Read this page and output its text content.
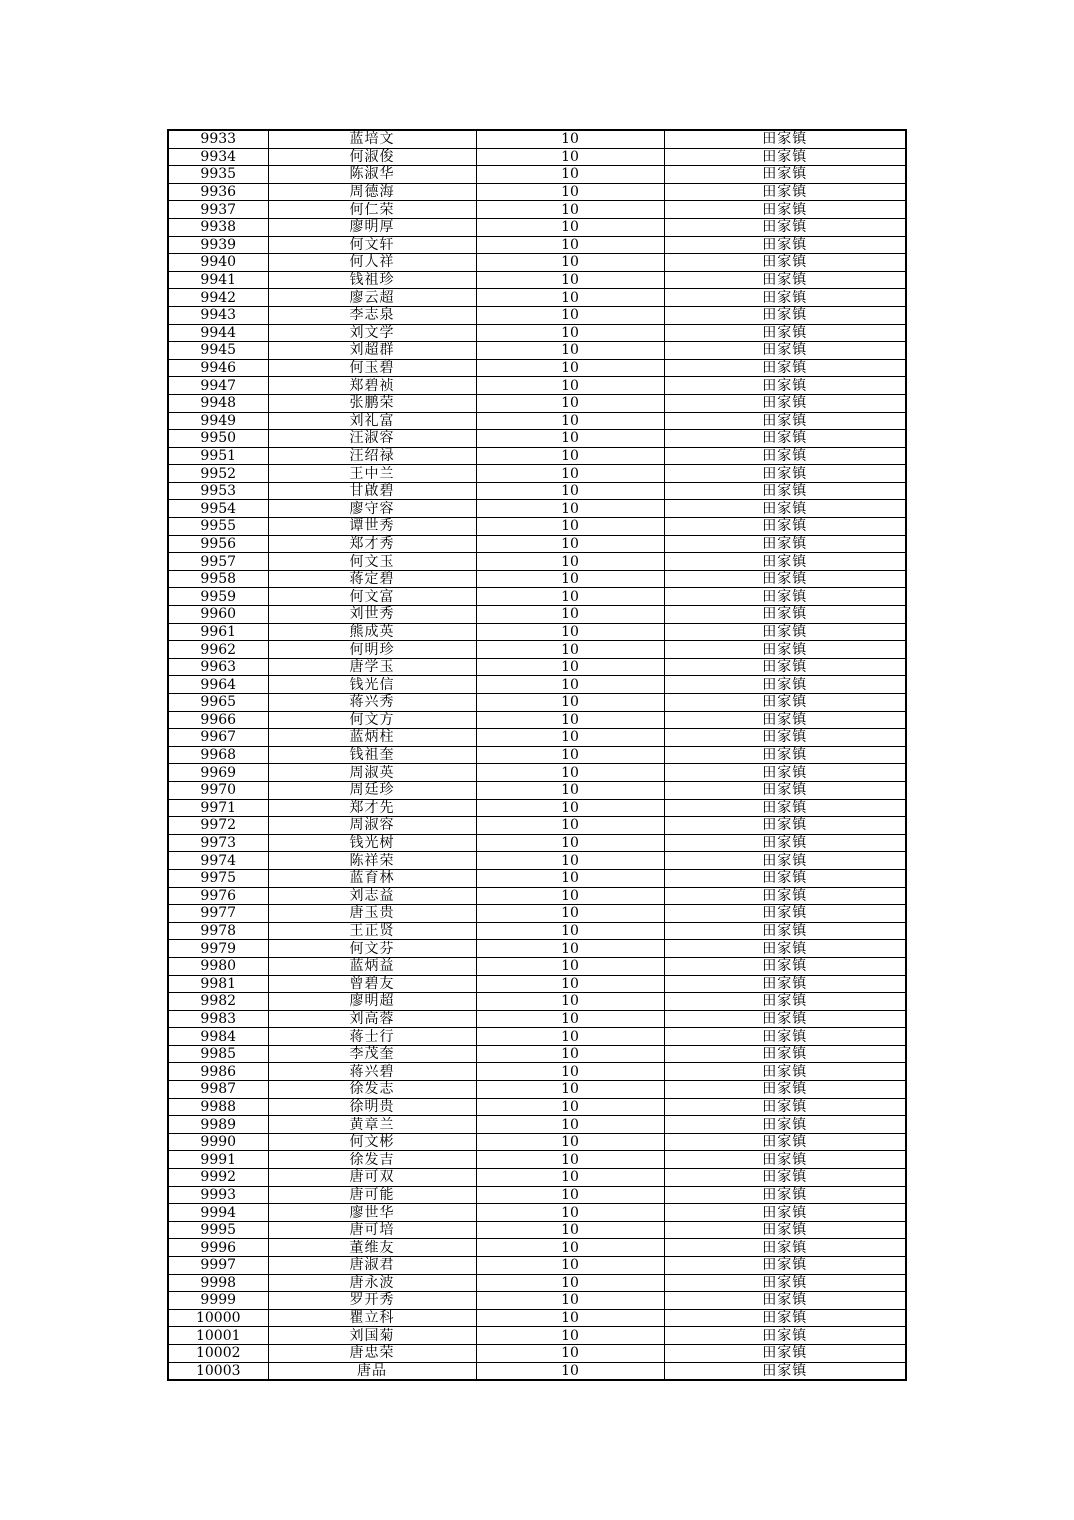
9933	蓝培文	10	田家镇
9934	何淑俊	10	田家镇
9935	陈淑华	10	田家镇
9936	周德海	10	田家镇
9937	何仁荣	10	田家镇
9938	廖明厚	10	田家镇
9939	何文轩	10	田家镇
9940	何人祥	10	田家镇
9941	钱祖珍	10	田家镇
9942	廖云超	10	田家镇
9943	李志泉	10	田家镇
9944	刘文学	10	田家镇
9945	刘超群	10	田家镇
9946	何玉碧	10	田家镇
9947	郑碧祯	10	田家镇
9948	张鹏荣	10	田家镇
9949	刘礼富	10	田家镇
9950	汪淑容	10	田家镇
9951	汪绍禄	10	田家镇
9952	王中兰	10	田家镇
9953	甘啟碧	10	田家镇
9954	廖守容	10	田家镇
9955	谭世秀	10	田家镇
9956	郑才秀	10	田家镇
9957	何文玉	10	田家镇
9958	蒋定碧	10	田家镇
9959	何文富	10	田家镇
9960	刘世秀	10	田家镇
9961	熊成英	10	田家镇
9962	何明珍	10	田家镇
9963	唐学玉	10	田家镇
9964	钱光信	10	田家镇
9965	蒋兴秀	10	田家镇
9966	何文方	10	田家镇
9967	蓝炳柱	10	田家镇
9968	钱祖奎	10	田家镇
9969	周淑英	10	田家镇
9970	周廷珍	10	田家镇
9971	郑才先	10	田家镇
9972	周淑容	10	田家镇
9973	钱光树	10	田家镇
9974	陈祥荣	10	田家镇
9975	蓝育林	10	田家镇
9976	刘志益	10	田家镇
9977	唐玉贵	10	田家镇
9978	王正贤	10	田家镇
9979	何文芬	10	田家镇
9980	蓝炳益	10	田家镇
9981	曾碧友	10	田家镇
9982	廖明超	10	田家镇
9983	刘高蓉	10	田家镇
9984	蒋士行	10	田家镇
9985	李茂奎	10	田家镇
9986	蒋兴碧	10	田家镇
9987	徐发志	10	田家镇
9988	徐明贵	10	田家镇
9989	黄章兰	10	田家镇
9990	何文彬	10	田家镇
9991	徐发吉	10	田家镇
9992	唐可双	10	田家镇
9993	唐可能	10	田家镇
9994	廖世华	10	田家镇
9995	唐可培	10	田家镇
9996	董维友	10	田家镇
9997	唐淑君	10	田家镇
9998	唐永波	10	田家镇
9999	罗开秀	10	田家镇
10000	瞿立科	10	田家镇
10001	刘国菊	10	田家镇
10002	唐忠荣	10	田家镇
10003	唐品	10	田家镇
